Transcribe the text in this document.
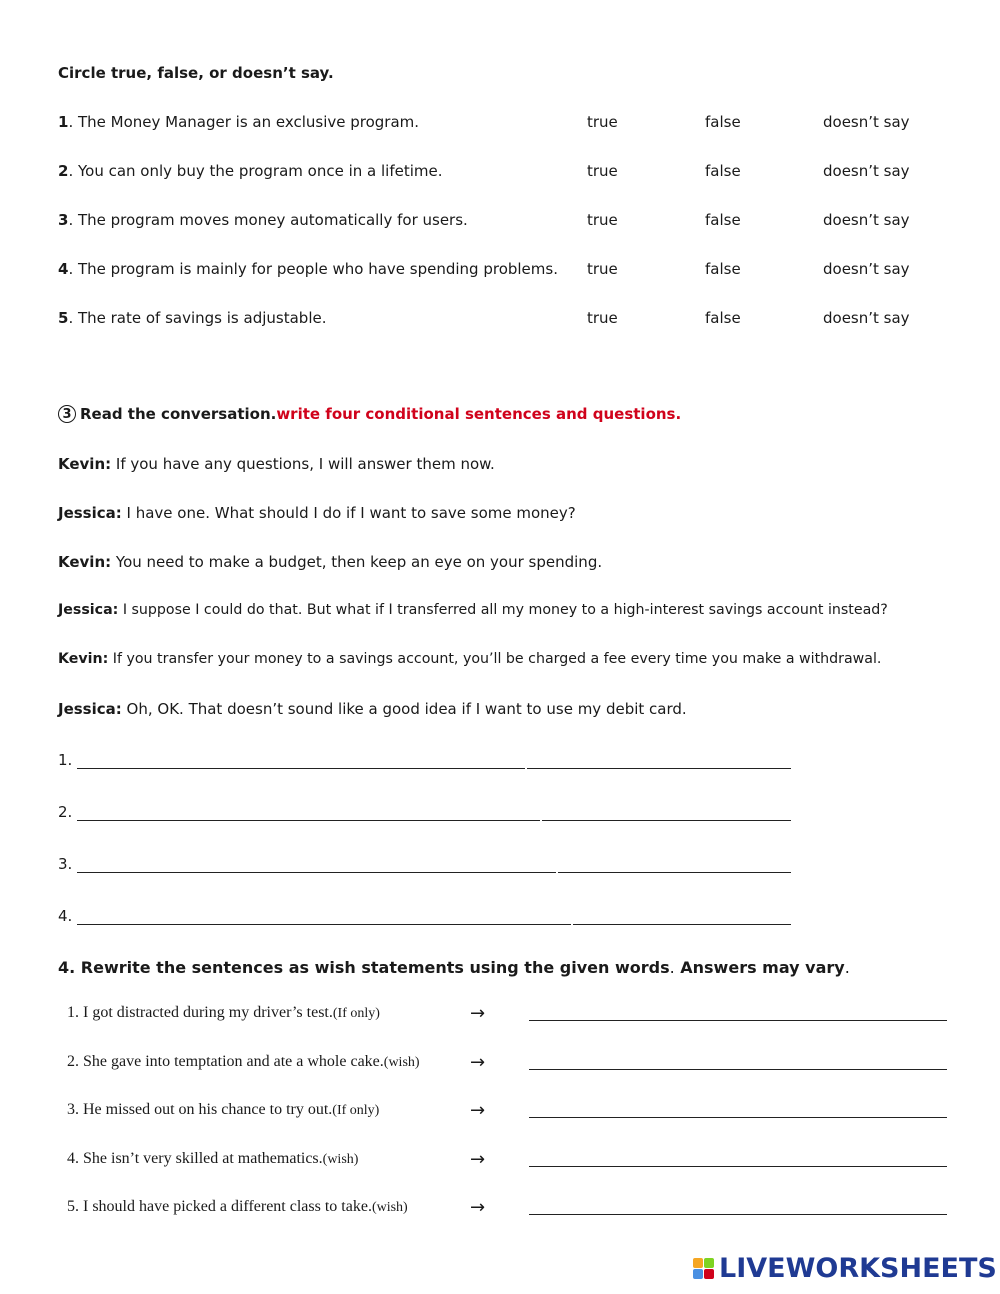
Circle true, false, or doesn’t say.
1. The Money Manager is an exclusive program.	true	false	doesn’t say
2. You can only buy the program once in a lifetime.	true	false	doesn’t say
3. The program moves money automatically for users.	true	false	doesn’t say
4. The program is mainly for people who have spending problems. true	false	doesn’t say
5. The rate of savings is adjustable.	true	false	doesn’t say
3 Read the conversation.write four conditional sentences and questions.
Kevin: If you have any questions, I will answer them now.
Jessica: I have one. What should I do if I want to save some money?
Kevin: You need to make a budget, then keep an eye on your spending.
Jessica: I suppose I could do that. But what if I transferred all my money to a high-interest savings account instead?
Kevin: If you transfer your money to a savings account, you’ll be charged a fee every time you make a withdrawal.
Jessica: Oh, OK. That doesn’t sound like a good idea if I want to use my debit card.
1.
2.
3.
4.
4. Rewrite the sentences as wish statements using the given words. Answers may vary.
1. I got distracted during my driver’s test.(If only)	→
2. She gave into temptation and ate a whole cake.(wish)	→
3. He missed out on his chance to try out.(If only)	→
4. She isn’t very skilled at mathematics.(wish)	→
5. I should have picked a different class to take.(wish)	→
LIVEWORKSHEETS
